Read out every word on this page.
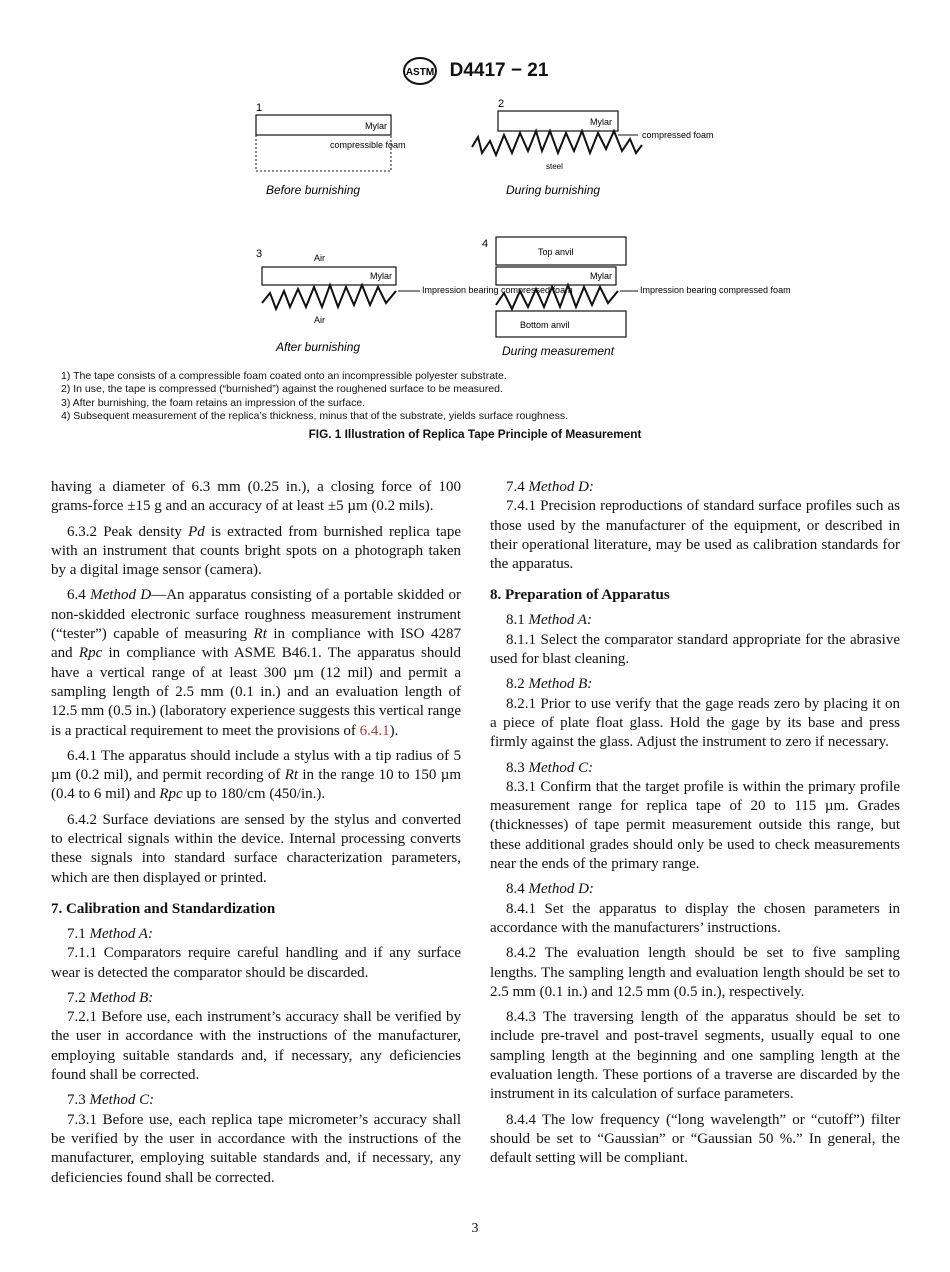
ASTM D4417 − 21
1
Mylar
compressible foam
Before burnishing
2
Mylar
compressed foam
steel
During burnishing
3	Air
Mylar
Air
Impression bearing compressed foam
After burnishing
4
Top anvil
Mylar
Bottom anvil
Impression bearing compressed foam
During measurement

1) The tape consists of a compressible foam coated onto an incompressible polyester substrate.

2) In use, the tape is compressed (“burnished”) against the roughened surface to be measured.

3) After burnishing, the foam retains an impression of the surface.

4) Subsequent measurement of the replica’s thickness, minus that of the substrate, yields surface roughness.

FIG. 1 Illustration of Replica Tape Principle of Measurement

having a diameter of 6.3 mm (0.25 in.), a closing force of 100 grams-force ±15 g and an accuracy of at least ±5 µm (0.2 mils).

6.3.2 Peak density Pd is extracted from burnished replica tape with an instrument that counts bright spots on a photograph taken by a digital image sensor (camera).

6.4 Method D—An apparatus consisting of a portable skidded or non-skidded electronic surface roughness measurement instrument (“tester”) capable of measuring Rt in compliance with ISO 4287 and Rpc in compliance with ASME B46.1. The apparatus should have a vertical range of at least 300 µm (12 mil) and permit a sampling length of 2.5 mm (0.1 in.) and an evaluation length of 12.5 mm (0.5 in.) (laboratory experience suggests this vertical range is a practical requirement to meet the provisions of 6.4.1).

6.4.1 The apparatus should include a stylus with a tip radius of 5 µm (0.2 mil), and permit recording of Rt in the range 10 to 150 µm (0.4 to 6 mil) and Rpc up to 180/cm (450/in.).

6.4.2 Surface deviations are sensed by the stylus and converted to electrical signals within the device. Internal processing converts these signals into standard surface characterization parameters, which are then displayed or printed.

7. Calibration and Standardization

7.1 Method A:

7.1.1 Comparators require careful handling and if any surface wear is detected the comparator should be discarded.

7.2 Method B:

7.2.1 Before use, each instrument’s accuracy shall be verified by the user in accordance with the instructions of the manufacturer, employing suitable standards and, if necessary, any deficiencies found shall be corrected.

7.3 Method C:

7.3.1 Before use, each replica tape micrometer’s accuracy shall be verified by the user in accordance with the instructions of the manufacturer, employing suitable standards and, if necessary, any deficiencies found shall be corrected.

7.4 Method D:

7.4.1 Precision reproductions of standard surface profiles such as those used by the manufacturer of the equipment, or described in their operational literature, may be used as calibration standards for the apparatus.

8. Preparation of Apparatus

8.1 Method A:

8.1.1 Select the comparator standard appropriate for the abrasive used for blast cleaning.

8.2 Method B:

8.2.1 Prior to use verify that the gage reads zero by placing it on a piece of plate float glass. Hold the gage by its base and press firmly against the glass. Adjust the instrument to zero if necessary.

8.3 Method C:

8.3.1 Confirm that the target profile is within the primary profile measurement range for replica tape of 20 to 115 µm. Grades (thicknesses) of tape permit measurement outside this range, but these additional grades should only be used to check measurements near the ends of the primary range.

8.4 Method D:

8.4.1 Set the apparatus to display the chosen parameters in accordance with the manufacturers’ instructions.

8.4.2 The evaluation length should be set to five sampling lengths. The sampling length and evaluation length should be set to 2.5 mm (0.1 in.) and 12.5 mm (0.5 in.), respectively.

8.4.3 The traversing length of the apparatus should be set to include pre-travel and post-travel segments, usually equal to one sampling length at the beginning and one sampling length at the evaluation length. These portions of a traverse are discarded by the instrument in its calculation of surface parameters.

8.4.4 The low frequency (“long wavelength” or “cutoff”) filter should be set to “Gaussian” or “Gaussian 50 %.” In general, the default setting will be compliant.

3
